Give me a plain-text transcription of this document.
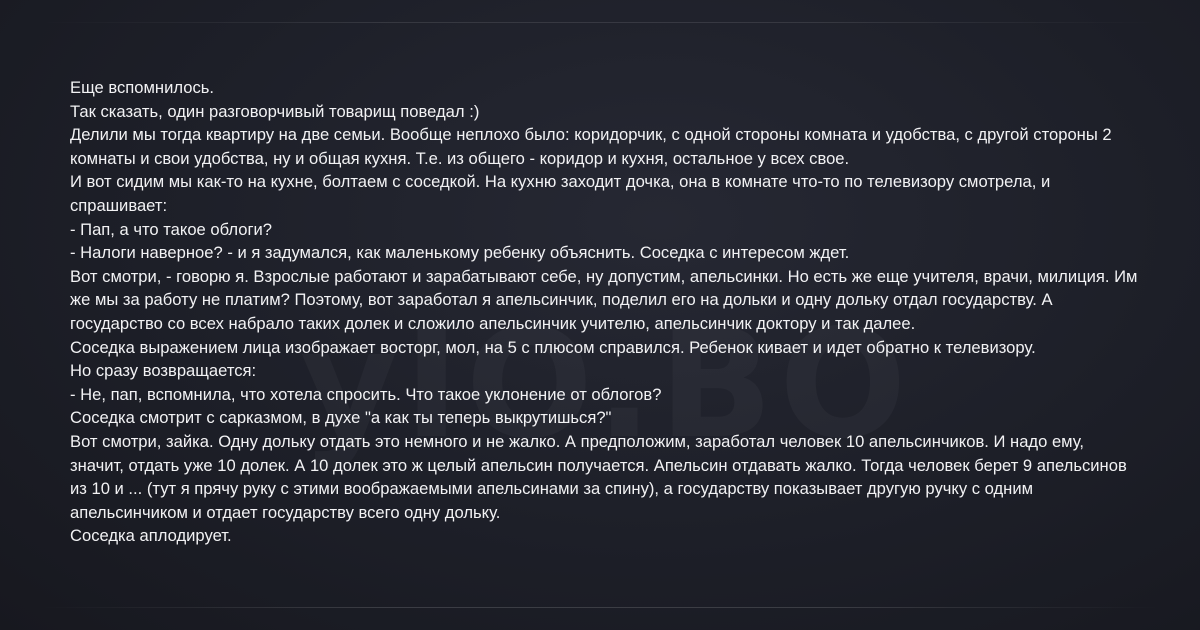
Еще вспомнилось.

Так сказать, один разговорчивый товарищ поведал :)

Делили мы тогда квартиру на две семьи. Вообще неплохо было: коридорчик, с одной стороны комната и удобства, с другой стороны 2 комнаты и свои удобства, ну и общая кухня. Т.е. из общего - коридор и кухня, остальное у всех свое.

И вот сидим мы как-то на кухне, болтаем с соседкой. На кухню заходит дочка, она в комнате что-то по телевизору смотрела, и спрашивает:

- Пап, а что такое облоги?

- Налоги наверное? - и я задумался, как маленькому ребенку объяснить. Соседка с интересом ждет.

Вот смотри, - говорю я. Взрослые работают и зарабатывают себе, ну допустим, апельсинки. Но есть же еще учителя, врачи, милиция. Им же мы за работу не платим? Поэтому, вот заработал я апельсинчик, поделил его на дольки и одну дольку отдал государству. А государство со всех набрало таких долек и сложило апельсинчик учителю, апельсинчик доктору и так далее.

Соседка выражением лица изображает восторг, мол, на 5 с плюсом справился. Ребенок кивает и идет обратно к телевизору.

Но сразу возвращается:

- Не, пап, вспомнила, что хотела спросить. Что такое уклонение от облогов?

Соседка смотрит с сарказмом, в духе "а как ты теперь выкрутишься?"

Вот смотри, зайка. Одну дольку отдать это немного и не жалко. А предположим, заработал человек 10 апельсинчиков. И надо ему, значит, отдать уже 10 долек. А 10 долек это ж целый апельсин получается. Апельсин отдавать жалко. Тогда человек берет 9 апельсинов из 10 и ... (тут я прячу руку с этими воображаемыми апельсинами за спину), а государству показывает другую ручку с одним апельсинчиком и отдает государству всего одну дольку.

Соседка аплодирует.
